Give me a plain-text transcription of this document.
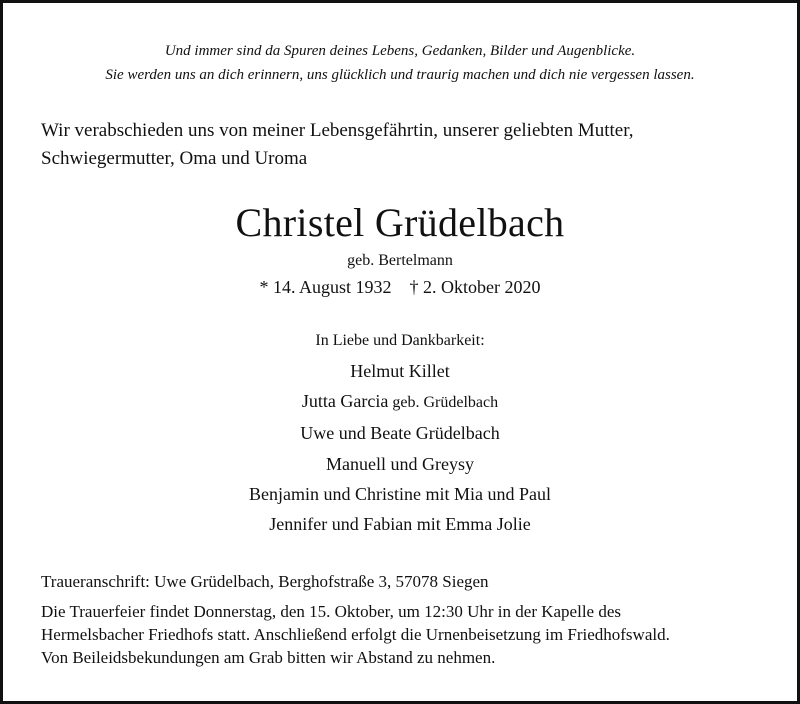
Und immer sind da Spuren deines Lebens, Gedanken, Bilder und Augenblicke.
Sie werden uns an dich erinnern, uns glücklich und traurig machen und dich nie vergessen lassen.
Wir verabschieden uns von meiner Lebensgefährtin, unserer geliebten Mutter,
Schwiegermutter, Oma und Uroma
Christel Grüdelbach
geb. Bertelmann
* 14. August 1932 † 2. Oktober 2020
In Liebe und Dankbarkeit:
Helmut Killet
Jutta Garcia geb. Grüdelbach
Uwe und Beate Grüdelbach
Manuell und Greysy
Benjamin und Christine mit Mia und Paul
Jennifer und Fabian mit Emma Jolie
Traueranschrift: Uwe Grüdelbach, Berghofstraße 3, 57078 Siegen
Die Trauerfeier findet Donnerstag, den 15. Oktober, um 12:30 Uhr in der Kapelle des
Hermelsbacher Friedhofs statt. Anschließend erfolgt die Urnenbeisetzung im Friedhofswald.
Von Beileidsbekundungen am Grab bitten wir Abstand zu nehmen.
